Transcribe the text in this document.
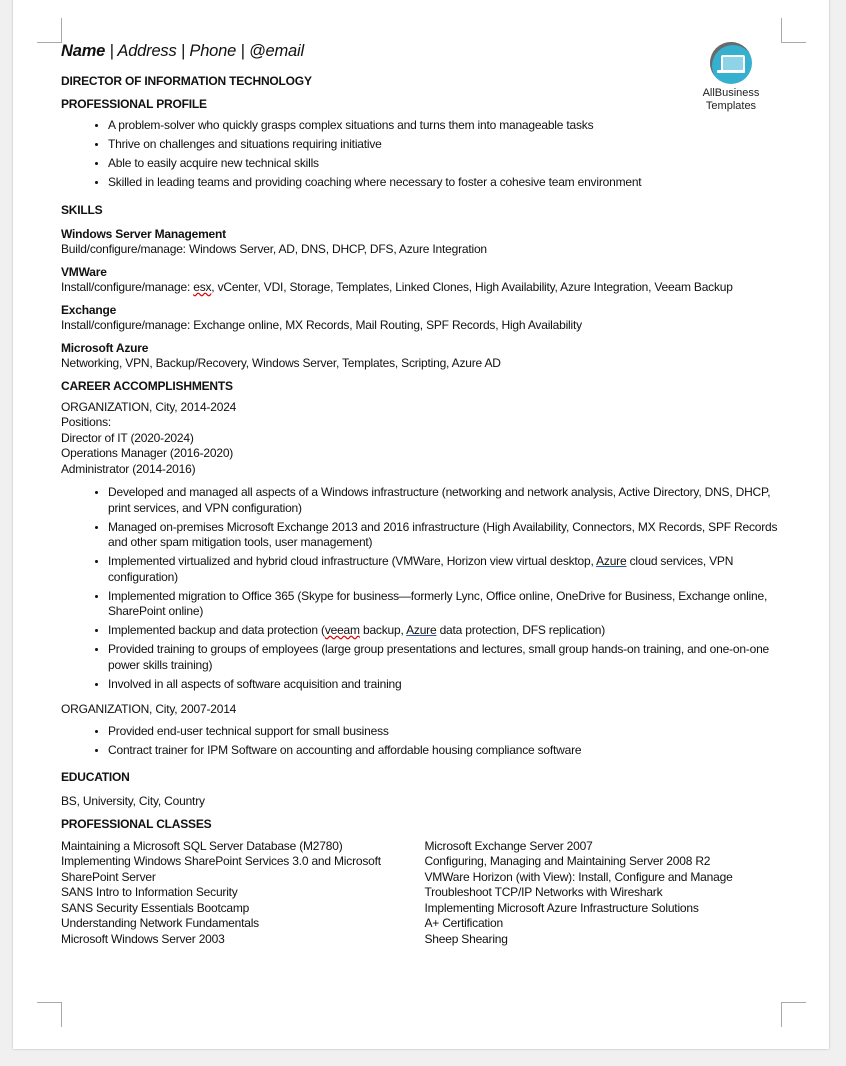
AllBusiness
Templates
Name | Address | Phone | @email
DIRECTOR OF INFORMATION TECHNOLOGY
PROFESSIONAL PROFILE
• A problem-solver who quickly grasps complex situations and turns them into manageable tasks
• Thrive on challenges and situations requiring initiative
• Able to easily acquire new technical skills
• Skilled in leading teams and providing coaching where necessary to foster a cohesive team environment
SKILLS
Windows Server Management
Build/configure/manage: Windows Server, AD, DNS, DHCP, DFS, Azure Integration
VMWare
Install/configure/manage: esx, vCenter, VDI, Storage, Templates, Linked Clones, High Availability, Azure Integration, Veeam Backup
Exchange
Install/configure/manage: Exchange online, MX Records, Mail Routing, SPF Records, High Availability
Microsoft Azure
Networking, VPN, Backup/Recovery, Windows Server, Templates, Scripting, Azure AD
CAREER ACCOMPLISHMENTS
ORGANIZATION, City, 2014-2024
Positions:
Director of IT (2020-2024)
Operations Manager (2016-2020)
Administrator (2014-2016)
• Developed and managed all aspects of a Windows infrastructure (networking and network analysis, Active Directory, DNS, DHCP, print services, and VPN configuration)
• Managed on-premises Microsoft Exchange 2013 and 2016 infrastructure (High Availability, Connectors, MX Records, SPF Records and other spam mitigation tools, user management)
• Implemented virtualized and hybrid cloud infrastructure (VMWare, Horizon view virtual desktop, Azure cloud services, VPN configuration)
• Implemented migration to Office 365 (Skype for business—formerly Lync, Office online, OneDrive for Business, Exchange online, SharePoint online)
• Implemented backup and data protection (veeam backup, Azure data protection, DFS replication)
• Provided training to groups of employees (large group presentations and lectures, small group hands-on training, and one-on-one power skills training)
• Involved in all aspects of software acquisition and training
ORGANIZATION, City, 2007-2014
• Provided end-user technical support for small business
• Contract trainer for IPM Software on accounting and affordable housing compliance software
EDUCATION
BS, University, City, Country
PROFESSIONAL CLASSES
Maintaining a Microsoft SQL Server Database (M2780)
Implementing Windows SharePoint Services 3.0 and Microsoft
SharePoint Server
SANS Intro to Information Security
SANS Security Essentials Bootcamp
Understanding Network Fundamentals
Microsoft Windows Server 2003
Microsoft Exchange Server 2007
Configuring, Managing and Maintaining Server 2008 R2
VMWare Horizon (with View): Install, Configure and Manage
Troubleshoot TCP/IP Networks with Wireshark
Implementing Microsoft Azure Infrastructure Solutions
A+ Certification
Sheep Shearing
